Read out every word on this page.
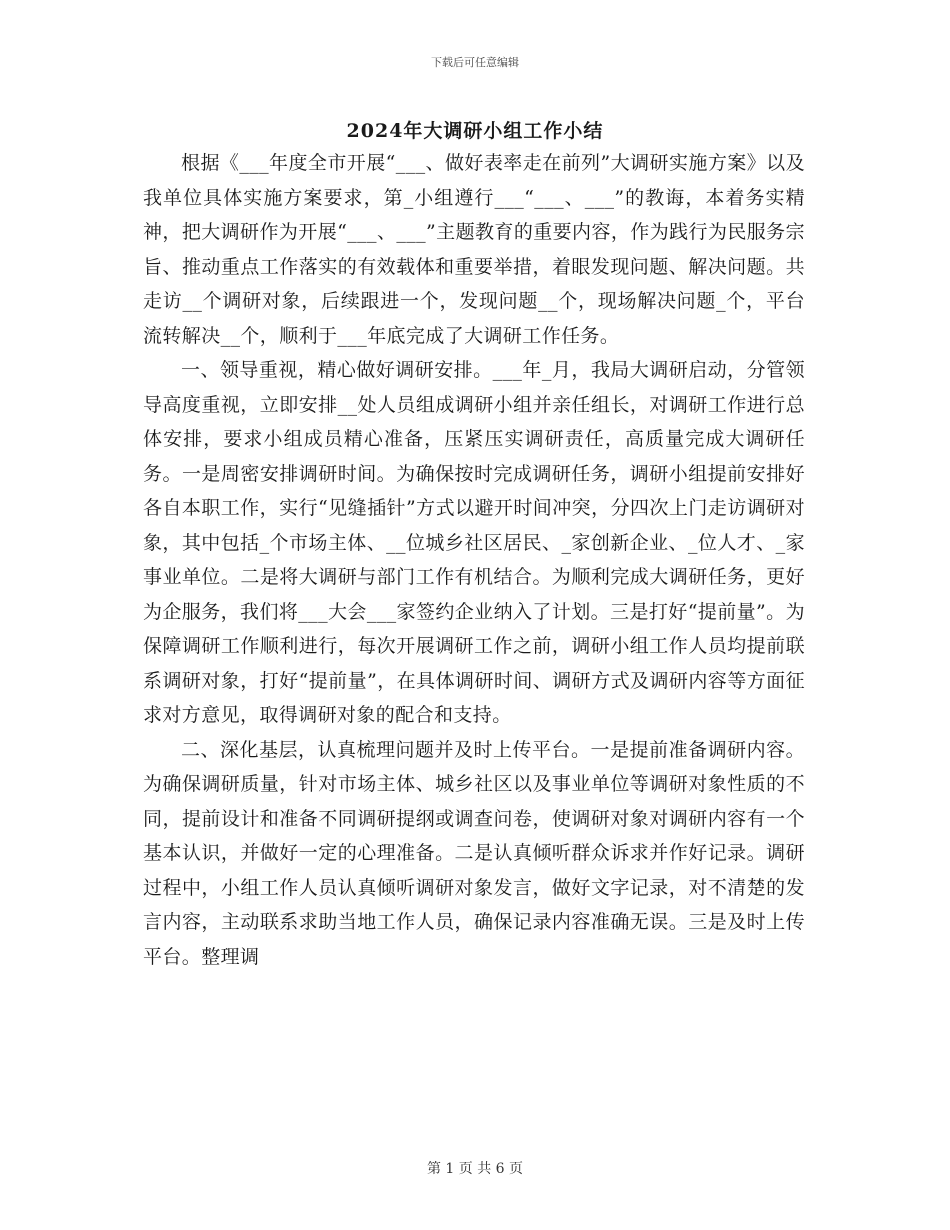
下载后可任意编辑
2024年大调研小组工作小结

根据《___年度全市开展“___、做好表率走在前列”大调研实施方案》以及我单位具体实施方案要求，第_小组遵行___“___、___”的教诲，本着务实精神，把大调研作为开展“___、___”主题教育的重要内容，作为践行为民服务宗旨、推动重点工作落实的有效载体和重要举措，着眼发现问题、解决问题。共走访__个调研对象，后续跟进一个，发现问题__个，现场解决问题_个，平台流转解决__个，顺利于___年底完成了大调研工作任务。

一、领导重视，精心做好调研安排。___年_月，我局大调研启动，分管领导高度重视，立即安排__处人员组成调研小组并亲任组长，对调研工作进行总体安排，要求小组成员精心准备，压紧压实调研责任，高质量完成大调研任务。一是周密安排调研时间。为确保按时完成调研任务，调研小组提前安排好各自本职工作，实行“见缝插针”方式以避开时间冲突，分四次上门走访调研对象，其中包括_个市场主体、__位城乡社区居民、_家创新企业、_位人才、_家事业单位。二是将大调研与部门工作有机结合。为顺利完成大调研任务，更好为企服务，我们将___大会___家签约企业纳入了计划。三是打好“提前量”。为保障调研工作顺利进行，每次开展调研工作之前，调研小组工作人员均提前联系调研对象，打好“提前量”，在具体调研时间、调研方式及调研内容等方面征求对方意见，取得调研对象的配合和支持。

二、深化基层，认真梳理问题并及时上传平台。一是提前准备调研内容。为确保调研质量，针对市场主体、城乡社区以及事业单位等调研对象性质的不同，提前设计和准备不同调研提纲或调查问卷，使调研对象对调研内容有一个基本认识，并做好一定的心理准备。二是认真倾听群众诉求并作好记录。调研过程中，小组工作人员认真倾听调研对象发言，做好文字记录，对不清楚的发言内容，主动联系求助当地工作人员，确保记录内容准确无误。三是及时上传平台。整理调

第 1 页 共 6 页
